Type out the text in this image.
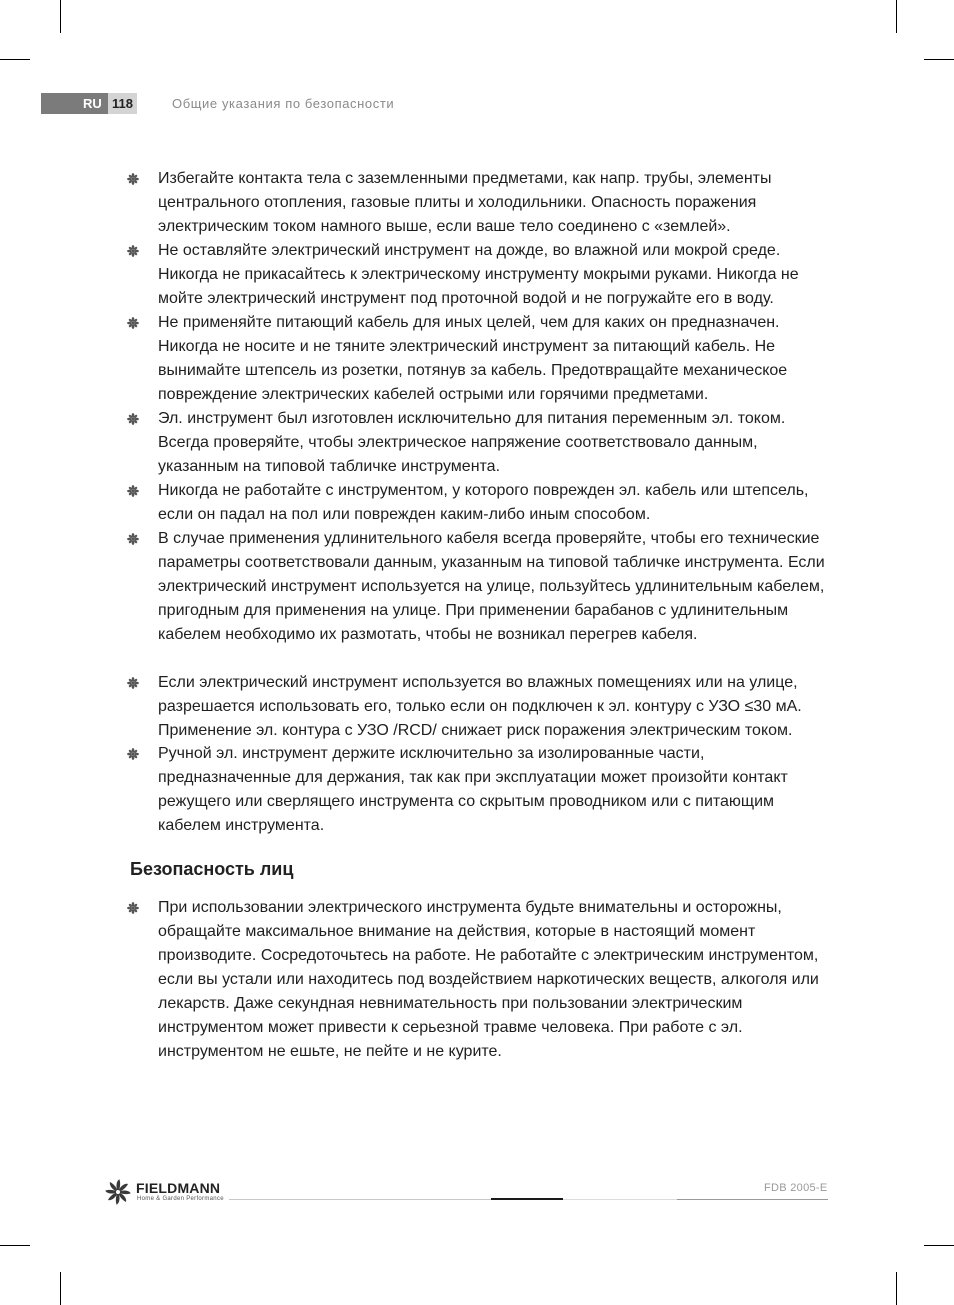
RU 118	Общие указания по безопасности
Избегайте контакта тела с заземленными предметами, как напр. трубы, элементы центрального отопления, газовые плиты и холодильники. Опасность поражения электрическим током намного выше, если ваше тело соединено с «землей».
Не оставляйте электрический инструмент на дожде, во влажной или мокрой среде. Никогда не прикасайтесь к электрическому инструменту мокрыми руками. Никогда не мойте электрический инструмент под проточной водой и не погружайте его в воду.
Не применяйте питающий кабель для иных целей, чем для каких он предназначен. Никогда не носите и не тяните электрический инструмент за питающий кабель. Не вынимайте штепсель из розетки, потянув за кабель. Предотвращайте механическое повреждение электрических кабелей острыми или горячими предметами.
Эл. инструмент был изготовлен исключительно для питания переменным эл. током. Всегда проверяйте, чтобы электрическое напряжение соответствовало данным, указанным на типовой табличке инструмента.
Никогда не работайте с инструментом, у которого поврежден эл. кабель или штепсель, если он падал на пол или поврежден каким-либо иным способом.
В случае применения удлинительного кабеля всегда проверяйте, чтобы его технические параметры соответствовали данным, указанным на типовой табличке инструмента. Если электрический инструмент используется на улице, пользуйтесь удлинительным кабелем, пригодным для применения на улице. При применении барабанов с удлинительным кабелем необходимо их размотать, чтобы не возникал перегрев кабеля.
Если электрический инструмент используется во влажных помещениях или на улице, разрешается использовать его, только если он подключен к эл. контуру с УЗО ≤30 мА. Применение эл. контура с УЗО /RCD/ снижает риск поражения электрическим током.
Ручной эл. инструмент держите исключительно за изолированные части, предназначенные для держания, так как при эксплуатации может произойти контакт режущего или сверлящего инструмента со скрытым проводником или с питающим кабелем инструмента.
Безопасность лиц
При использовании электрического инструмента будьте внимательны и осторожны, обращайте максимальное внимание на действия, которые в настоящий момент производите. Сосредоточьтесь на работе. Не работайте с электрическим инструментом, если вы устали или находитесь под воздействием наркотических веществ, алкоголя или лекарств. Даже секундная невнимательность при пользовании электрическим инструментом может привести к серьезной травме человека. При работе с эл. инструментом не ешьте, не пейте и не курите.
FIELDMANN
Home & Garden Performance
FDB 2005-E
